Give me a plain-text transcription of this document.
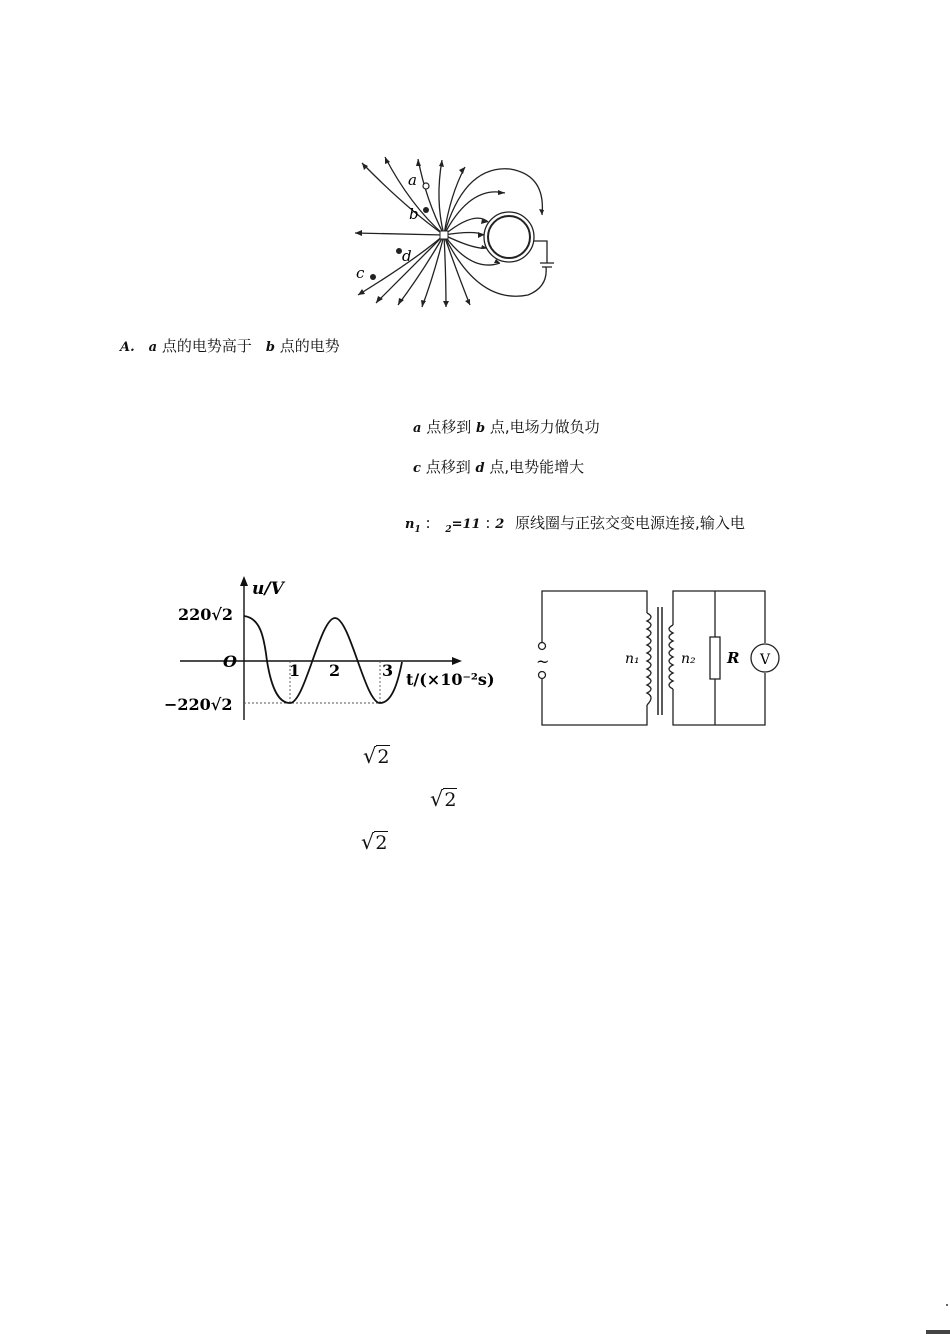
a
b
d
c
A. a 点的电势高于 b 点的电势
a 点移到 b 点,电场力做负功
c 点移到 d 点,电势能增大
$n_1$ : $_2$=11 : 2 原线圈与正弦交变电源连接,输入电
u/V
O
220√2
−220√2
1 2	3 t/(×10⁻²s)
~	n₁	n₂ R V
√2
√2
√2
